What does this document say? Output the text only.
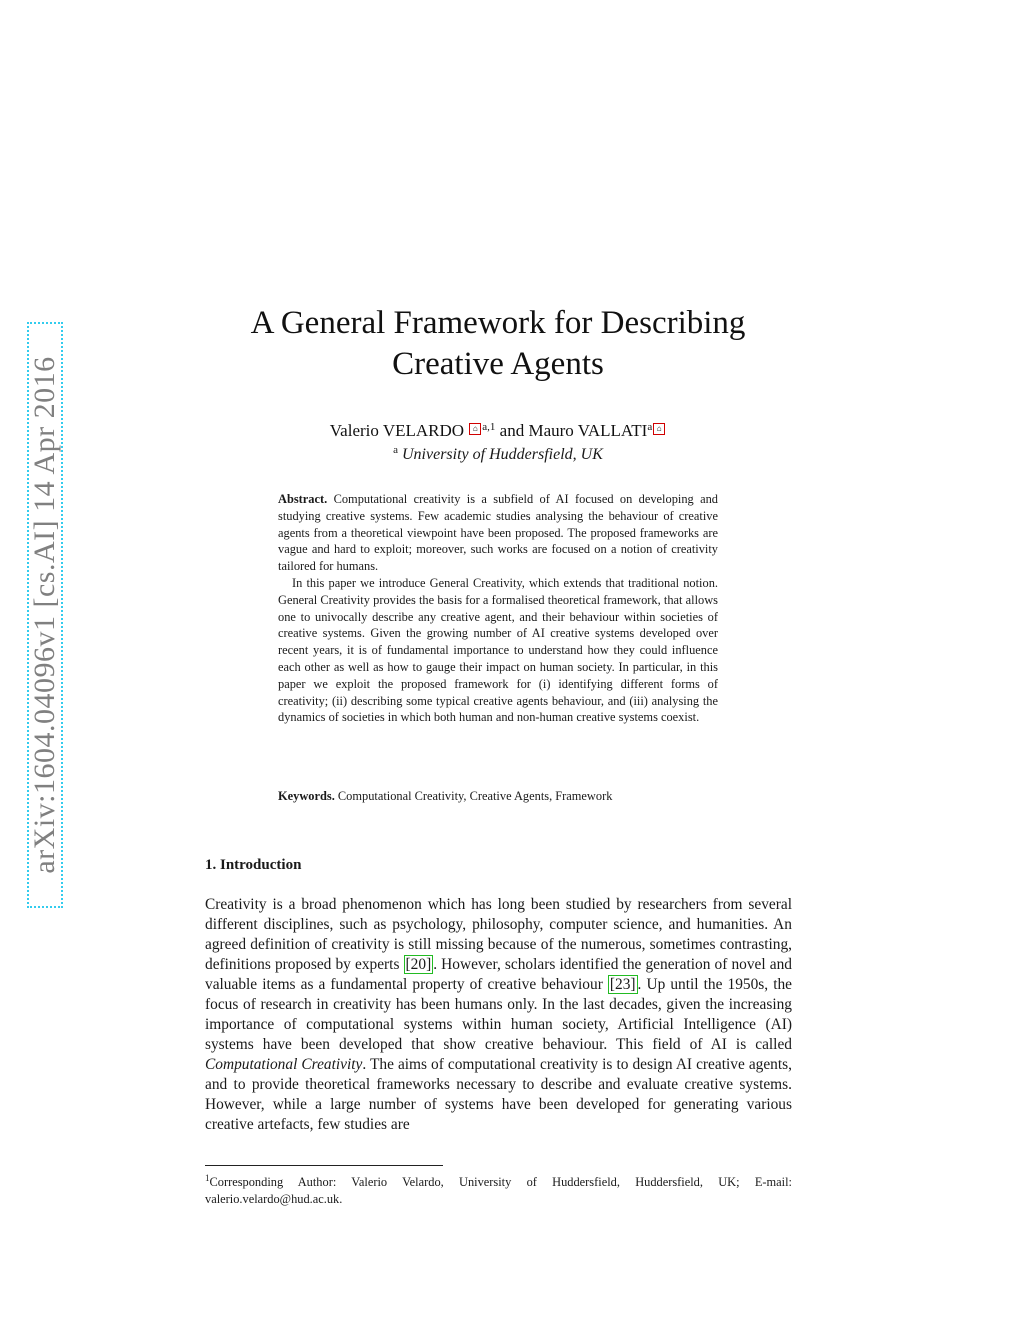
arXiv:1604.04096v1 [cs.AI] 14 Apr 2016
A General Framework for Describing
Creative Agents
Valerio VELARDO ⌂ $^{a,1}$ and Mauro VALLATI$^a$ ⌂
$^a$ University of Huddersfield, UK

Abstract. Computational creativity is a subfield of AI focused on developing and studying creative systems. Few academic studies analysing the behaviour of creative agents from a theoretical viewpoint have been proposed. The proposed frameworks are vague and hard to exploit; moreover, such works are focused on a notion of creativity tailored for humans.

In this paper we introduce General Creativity, which extends that traditional notion. General Creativity provides the basis for a formalised theoretical framework, that allows one to univocally describe any creative agent, and their behaviour within societies of creative systems. Given the growing number of AI creative systems developed over recent years, it is of fundamental importance to understand how they could influence each other as well as how to gauge their impact on human society. In particular, in this paper we exploit the proposed framework for (i) identifying different forms of creativity; (ii) describing some typical creative agents behaviour, and (iii) analysing the dynamics of societies in which both human and non-human creative systems coexist.

Keywords. Computational Creativity, Creative Agents, Framework
1. Introduction

Creativity is a broad phenomenon which has long been studied by researchers from several different disciplines, such as psychology, philosophy, computer science, and humanities. An agreed definition of creativity is still missing because of the numerous, sometimes contrasting, definitions proposed by experts [20] . However, scholars identified the generation of novel and valuable items as a fundamental property of creative behaviour [23] . Up until the 1950s, the focus of research in creativity has been humans only. In the last decades, given the increasing importance of computational systems within human society, Artificial Intelligence (AI) systems have been developed that show creative behaviour. This field of AI is called Computational Creativity. The aims of computational creativity is to design AI creative agents, and to provide theoretical frameworks necessary to describe and evaluate creative systems. However, while a large number of systems have been developed for generating various creative artefacts, few studies are

$^1$Corresponding Author: Valerio Velardo, University of Huddersfield, Huddersfield, UK; E-mail: valerio.velardo@hud.ac.uk.
